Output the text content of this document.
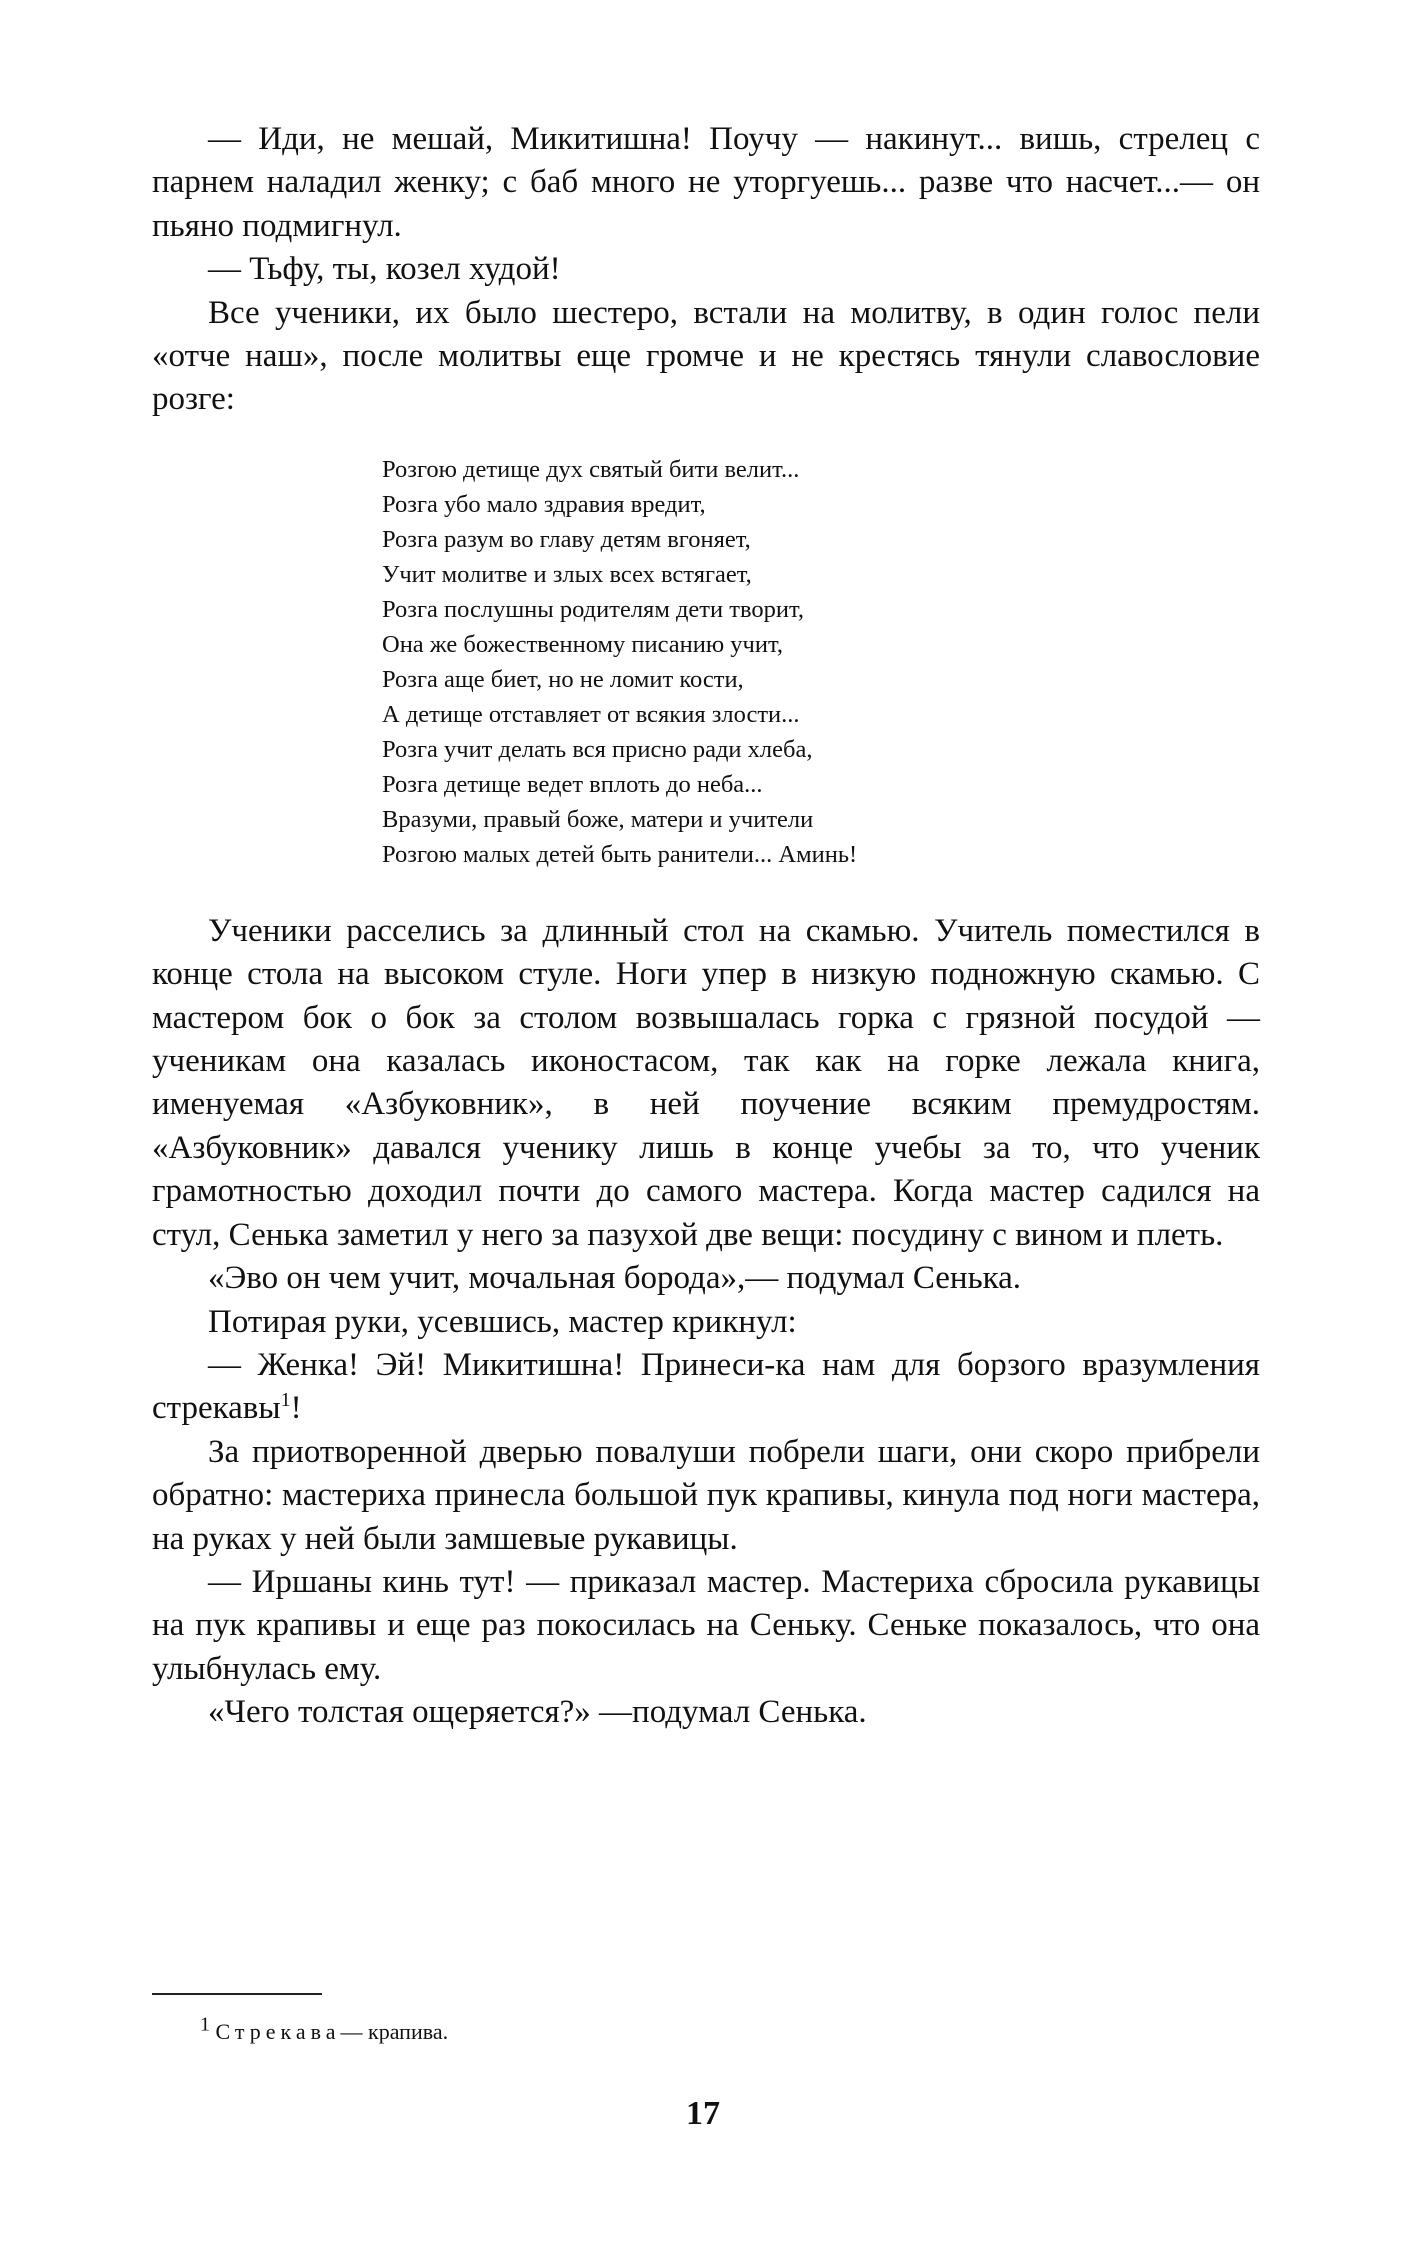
— Иди, не мешай, Микитишна! Поучу — накинут... вишь, стрелец с парнем наладил женку; с баб много не уторгуешь... разве что насчет...— он пьяно подмигнул.

— Тьфу, ты, козел худой!

Все ученики, их было шестеро, встали на молитву, в один голос пели «отче наш», после молитвы еще громче и не крестясь тянули славословие розге:

Розгою детище дух святый бити велит...
Розга убо мало здравия вредит,
Розга разум во главу детям вгоняет,
Учит молитве и злых всех встягает,
Розга послушны родителям дети творит,
Она же божественному писанию учит,
Розга аще биет, но не ломит кости,
А детище отставляет от всякия злости...
Розга учит делать вся присно ради хлеба,
Розга детище ведет вплоть до неба...
Вразуми, правый боже, матери и учители
Розгою малых детей быть ранители... Аминь!

Ученики расселись за длинный стол на скамью. Учитель поместился в конце стола на высоком стуле. Ноги упер в низкую подножную скамью. С мастером бок о бок за столом возвышалась горка с грязной посудой — ученикам она казалась иконостасом, так как на горке лежала книга, именуемая «Азбуковник», в ней поучение всяким премудростям. «Азбуковник» давался ученику лишь в конце учебы за то, что ученик грамотностью доходил почти до самого мастера. Когда мастер садился на стул, Сенька заметил у него за пазухой две вещи: посудину с вином и плеть.

«Эво он чем учит, мочальная борода»,— подумал Сенька.

Потирая руки, усевшись, мастер крикнул:

— Женка! Эй! Микитишна! Принеси-ка нам для борзого вразумления стрекавы$^1$!

За приотворенной дверью повалуши побрели шаги, они скоро прибрели обратно: мастериха принесла большой пук крапивы, кинула под ноги мастера, на руках у ней были замшевые рукавицы.

— Иршаны кинь тут! — приказал мастер. Мастериха сбросила рукавицы на пук крапивы и еще раз покосилась на Сеньку. Сеньке показалось, что она улыбнулась ему.

«Чего толстая ощеряется?» —подумал Сенька.

$^1$ Стрекава— крапива.
17
